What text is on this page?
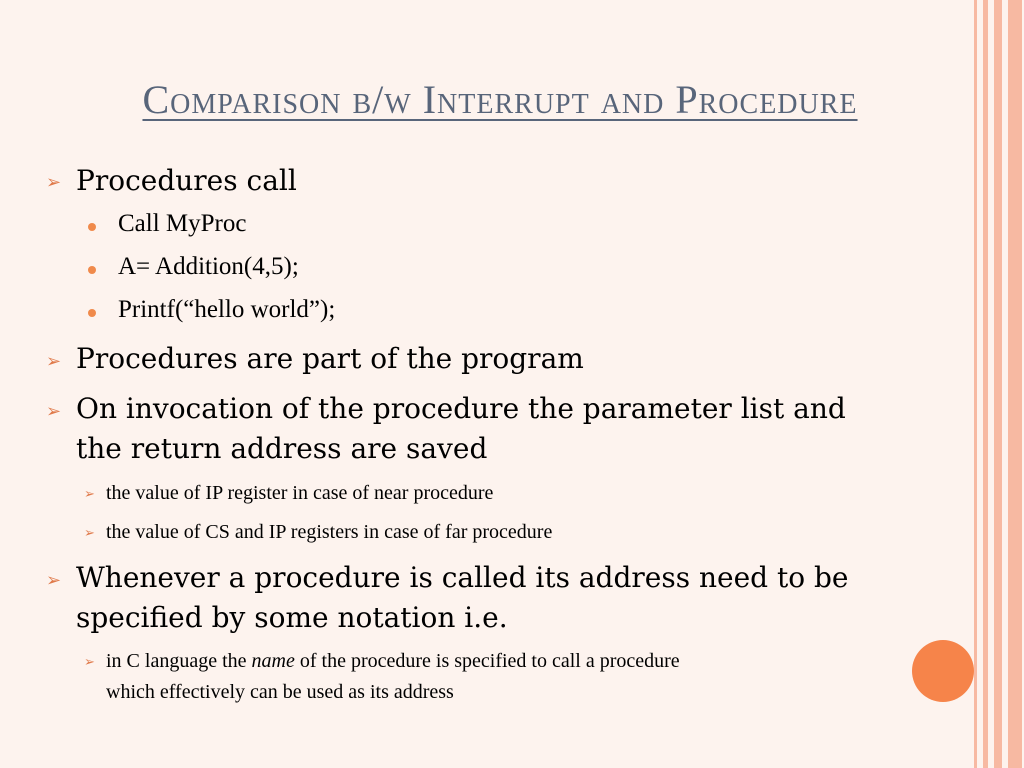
Comparison b/w Interrupt and Procedure
➢ Procedures call
Call MyProc
A= Addition(4,5);
Printf(“hello world”);
➢ Procedures are part of the program
➢ On invocation of the procedure the parameter list and
the return address are saved
➢ the value of IP register in case of near procedure
➢ the value of CS and IP registers in case of far procedure
➢ Whenever a procedure is called its address need to be
specified by some notation i.e.
➢ in C language the name of the procedure is specified to call a procedure
which effectively can be used as its address
